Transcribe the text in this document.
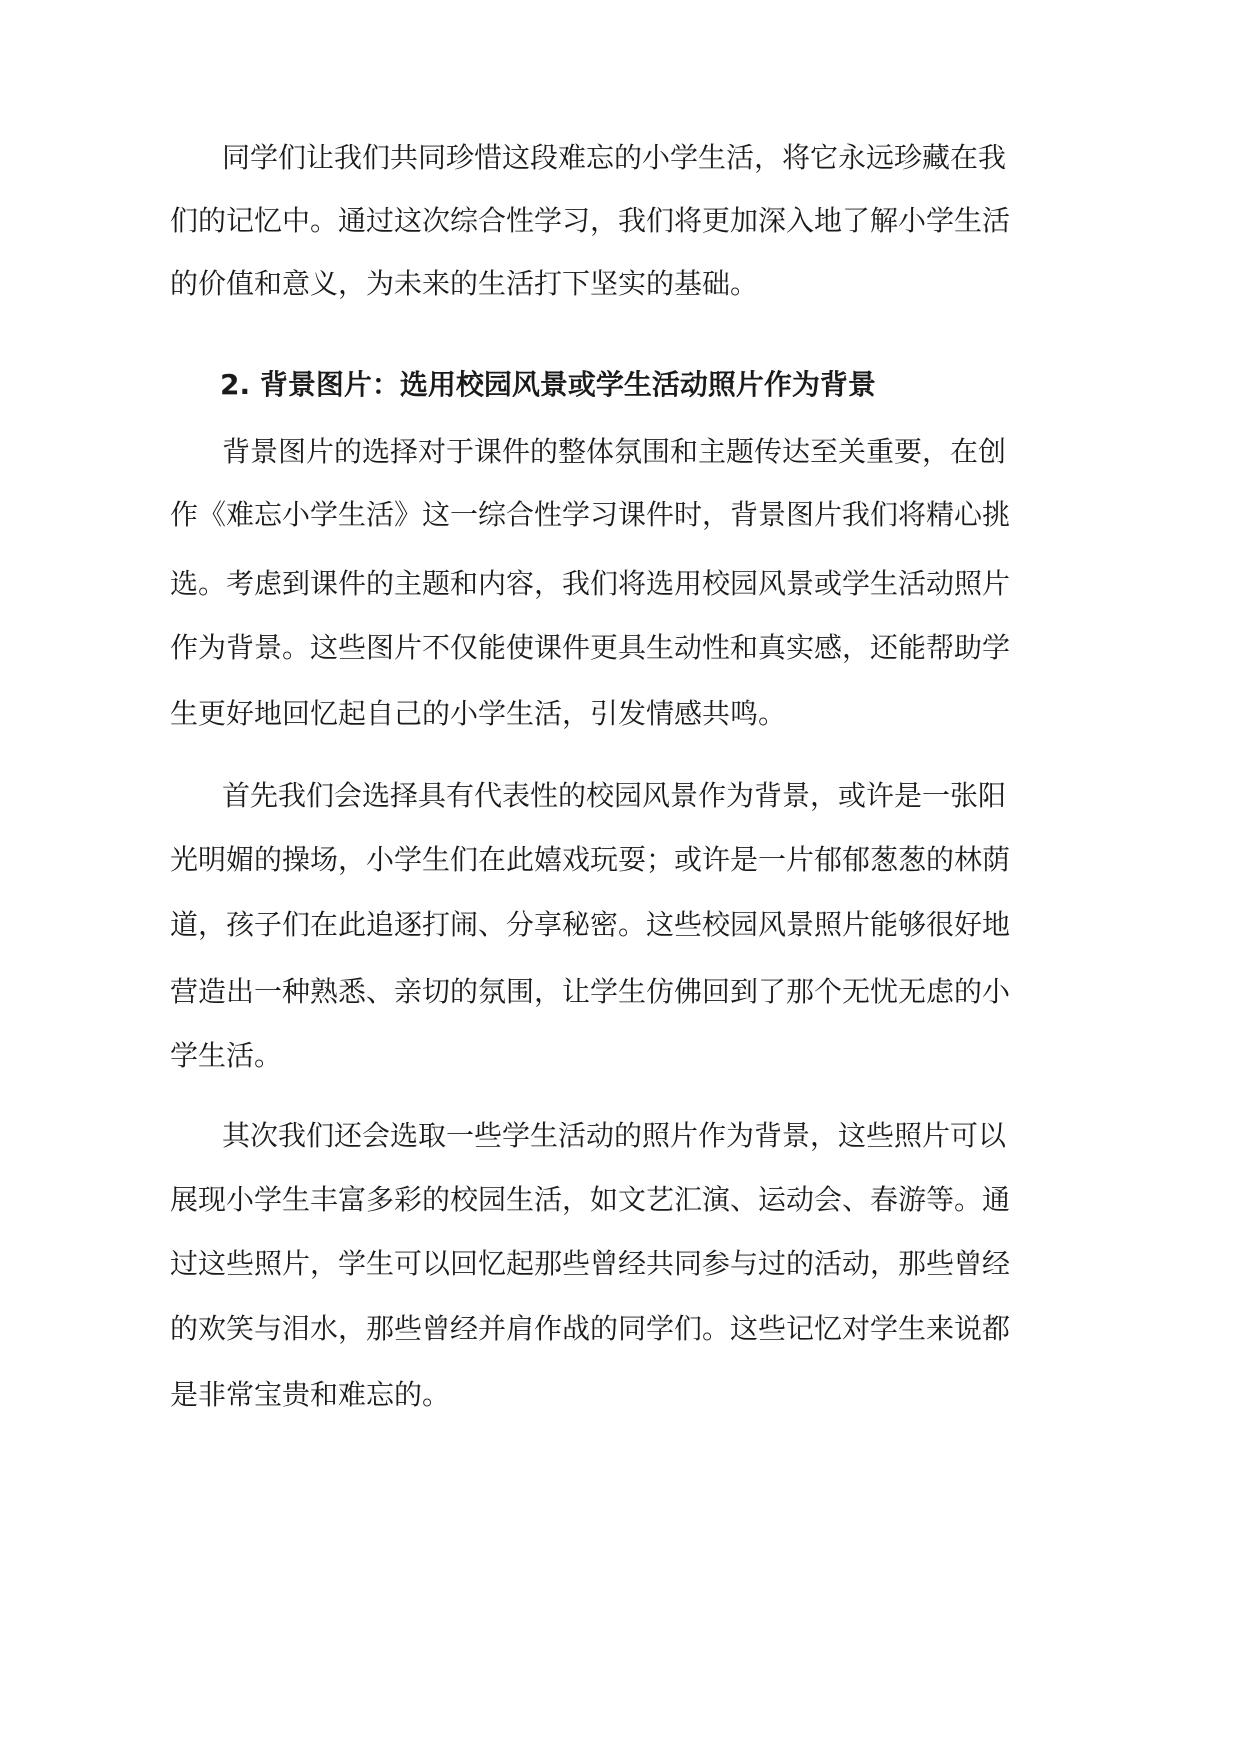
同学们让我们共同珍惜这段难忘的小学生活，将它永远珍藏在我

们的记忆中。通过这次综合性学习，我们将更加深入地了解小学生活

的价值和意义，为未来的生活打下坚实的基础。

2. 背景图片：选用校园风景或学生活动照片作为背景

背景图片的选择对于课件的整体氛围和主题传达至关重要，在创

作《难忘小学生活》这一综合性学习课件时，背景图片我们将精心挑

选。考虑到课件的主题和内容，我们将选用校园风景或学生活动照片

作为背景。这些图片不仅能使课件更具生动性和真实感，还能帮助学

生更好地回忆起自己的小学生活，引发情感共鸣。

首先我们会选择具有代表性的校园风景作为背景，或许是一张阳

光明媚的操场，小学生们在此嬉戏玩耍；或许是一片郁郁葱葱的林荫

道，孩子们在此追逐打闹、分享秘密。这些校园风景照片能够很好地

营造出一种熟悉、亲切的氛围，让学生仿佛回到了那个无忧无虑的小

学生活。

其次我们还会选取一些学生活动的照片作为背景，这些照片可以

展现小学生丰富多彩的校园生活，如文艺汇演、运动会、春游等。通

过这些照片，学生可以回忆起那些曾经共同参与过的活动，那些曾经

的欢笑与泪水，那些曾经并肩作战的同学们。这些记忆对学生来说都

是非常宝贵和难忘的。
